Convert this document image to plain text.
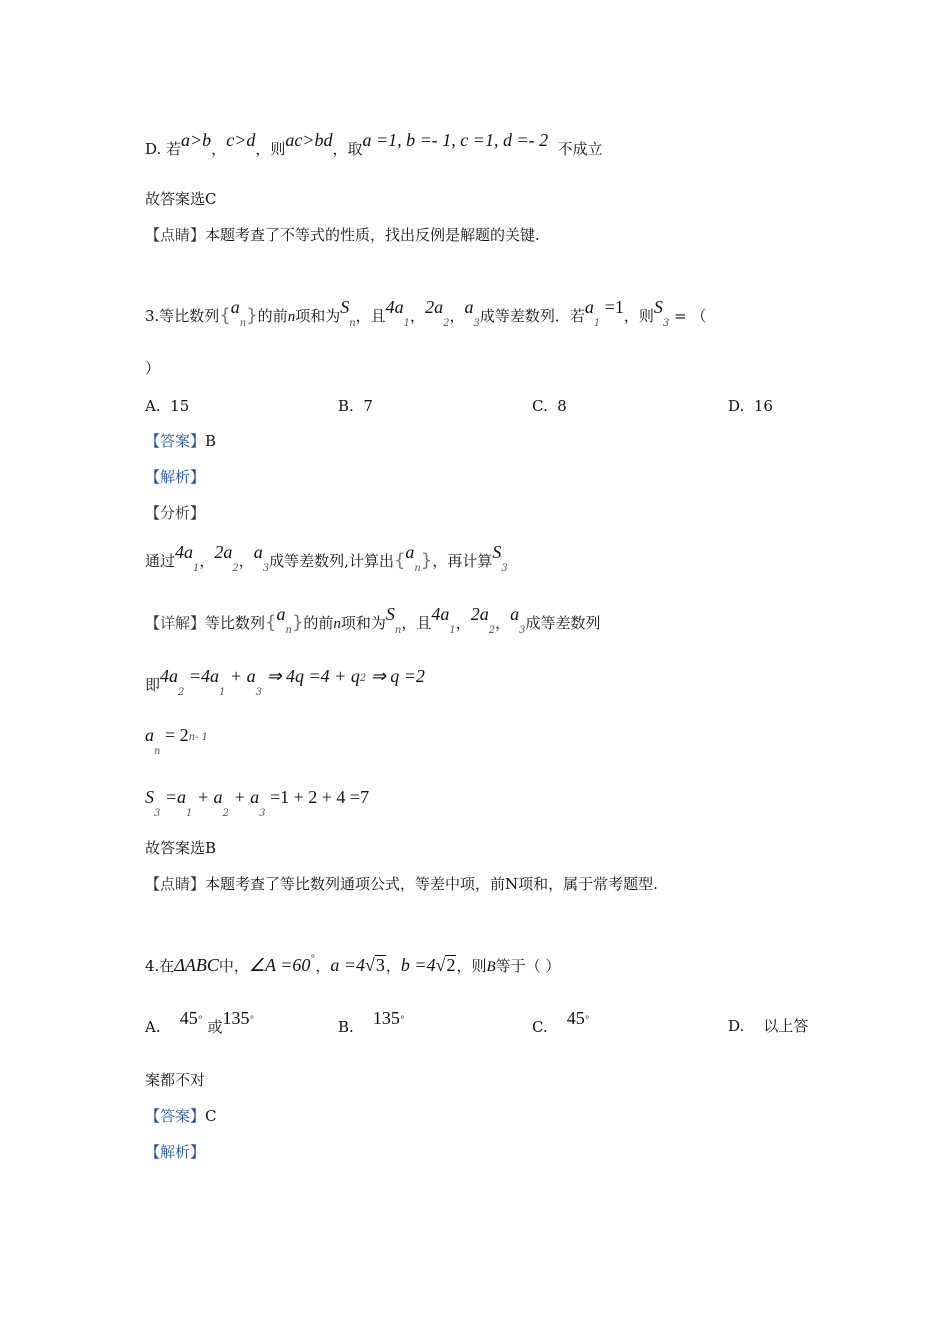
D. 若a>b，c>d，则ac>bd，取a =1, b =- 1, c =1, d =- 2 不成立
故答案选C
【点睛】本题考查了不等式的性质，找出反例是解题的关键.
3.等比数列$\{a_n\}$的前n项和为$S_n$，且$4a_1$，$2a_2$，$a_3$成等差数列．若$a_1 =1$，则$S_3$ = （
）
A. 15	B. 7	C. 8	D. 16
【答案】B
【解析】
【分析】
通过$4a_1$，$2a_2$，$a_3$成等差数列,计算出$\{a_n\}$，再计算$S_3$
【详解】等比数列$\{a_n\}$的前n项和为$S_n$，且$4a_1$，$2a_2$，$a_3$成等差数列
即$4a_2 =4a_1 + a_3$ ⇒ $4q =4 + q^2$ ⇒ q =2
$a_n = 2^{n- 1}$
$S_3 =a_1 + a_2 + a_3 =1 + 2 + 4 =7$
故答案选B
【点睛】本题考查了等比数列通项公式，等差中项，前N项和，属于常考题型.
4.在ΔABC中，∠A =60°，a =4√3，b =4√2，则B等于（ ）
A. 45° 或135°	B. 135°	C. 45°	D. 以上答
案都不对
【答案】C
【解析】
